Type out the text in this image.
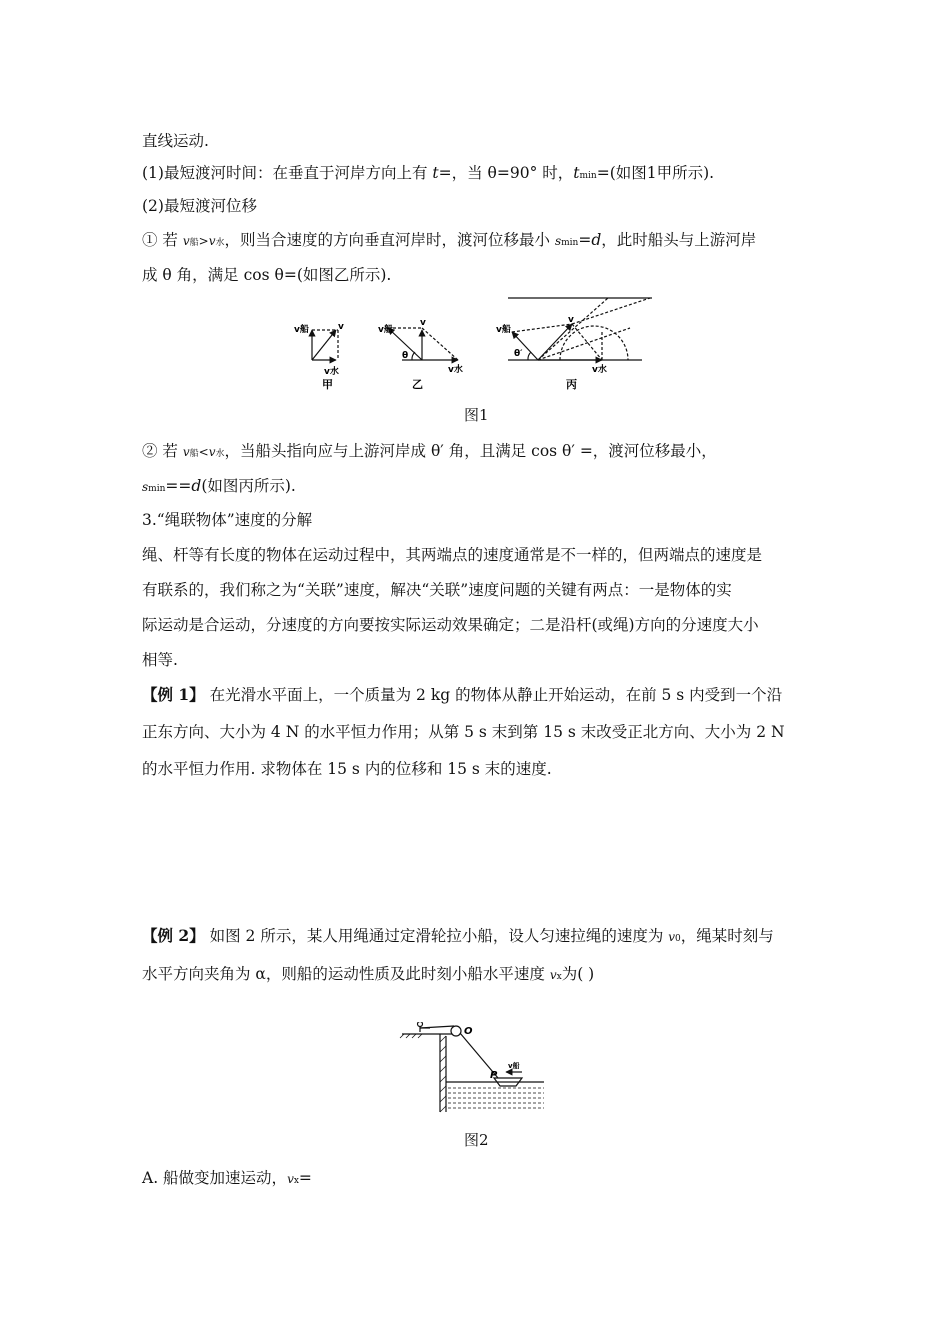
直线运动.
(1)最短渡河时间：在垂直于河岸方向上有 t=，当 θ=90° 时，tmin=(如图1甲所示).
(2)最短渡河位移
① 若 v船>v水，则当合速度的方向垂直河岸时，渡河位移最小 smin=d，此时船头与上游河岸
成 θ 角，满足 cos θ=(如图乙所示).
v船	v
v水
甲
v船
v
θ
v水
乙
v船
v
θ′
v水
丙
图1
② 若 v船<v水，当船头指向应与上游河岸成 θ′ 角，且满足 cos θ′ =，渡河位移最小，
smin==d(如图丙所示).
3.“绳联物体”速度的分解
绳、杆等有长度的物体在运动过程中，其两端点的速度通常是不一样的，但两端点的速度是
有联系的，我们称之为“关联”速度，解决“关联”速度问题的关键有两点：一是物体的实
际运动是合运动，分速度的方向要按实际运动效果确定；二是沿杆(或绳)方向的分速度大小
相等.
【例 1】 在光滑水平面上，一个质量为 2 kg 的物体从静止开始运动，在前 5 s 内受到一个沿
正东方向、大小为 4 N 的水平恒力作用；从第 5 s 末到第 15 s 末改受正北方向、大小为 2 N
的水平恒力作用. 求物体在 15 s 内的位移和 15 s 末的速度.
【例 2】 如图 2 所示，某人用绳通过定滑轮拉小船，设人匀速拉绳的速度为 v0，绳某时刻与
水平方向夹角为 α，则船的运动性质及此时刻小船水平速度 vx为( )
O
P
v船
图2
A. 船做变加速运动，vx=
